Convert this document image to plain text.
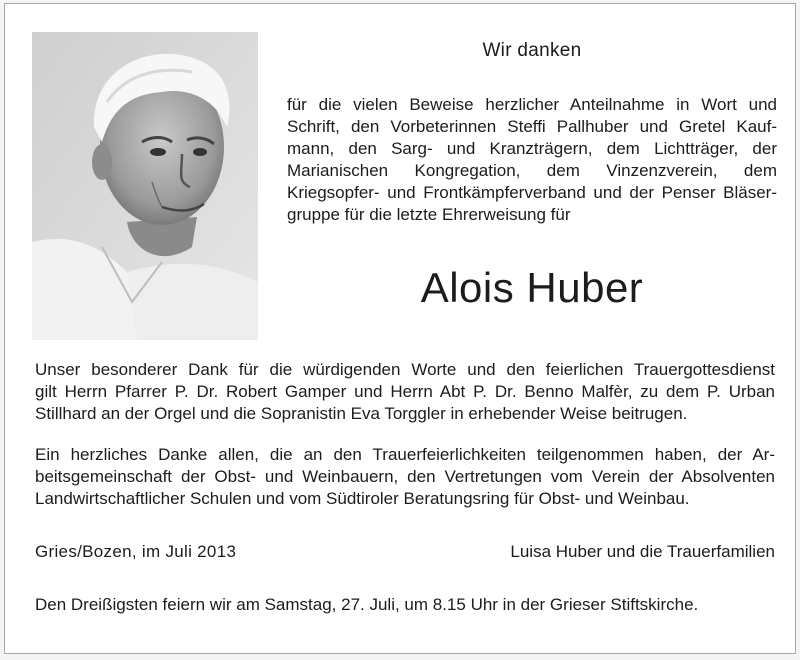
Wir danken
für die vielen Beweise herzlicher Anteilnahme in Wort und
Schrift, den Vorbeterinnen Steffi Pallhuber und Gretel Kauf-
mann, den Sarg- und Kranzträgern, dem Lichtträger, der
Marianischen Kongregation, dem Vinzenzverein, dem
Kriegsopfer- und Frontkämpferverband und der Penser Bläser-
gruppe für die letzte Ehrerweisung für
Alois Huber
Unser besonderer Dank für die würdigenden Worte und den feierlichen Trauergottesdienst
gilt Herrn Pfarrer P. Dr. Robert Gamper und Herrn Abt P. Dr. Benno Malfèr, zu dem P. Urban
Stillhard an der Orgel und die Sopranistin Eva Torggler in erhebender Weise beitrugen.
Ein herzliches Danke allen, die an den Trauerfeierlichkeiten teilgenommen haben, der Ar-
beitsgemeinschaft der Obst- und Weinbauern, den Vertretungen vom Verein der Absolventen
Landwirtschaftlicher Schulen und vom Südtiroler Beratungsring für Obst- und Weinbau.
Gries/Bozen, im Juli 2013	Luisa Huber und die Trauerfamilien
Den Dreißigsten feiern wir am Samstag, 27. Juli, um 8.15 Uhr in der Grieser Stiftskirche.
